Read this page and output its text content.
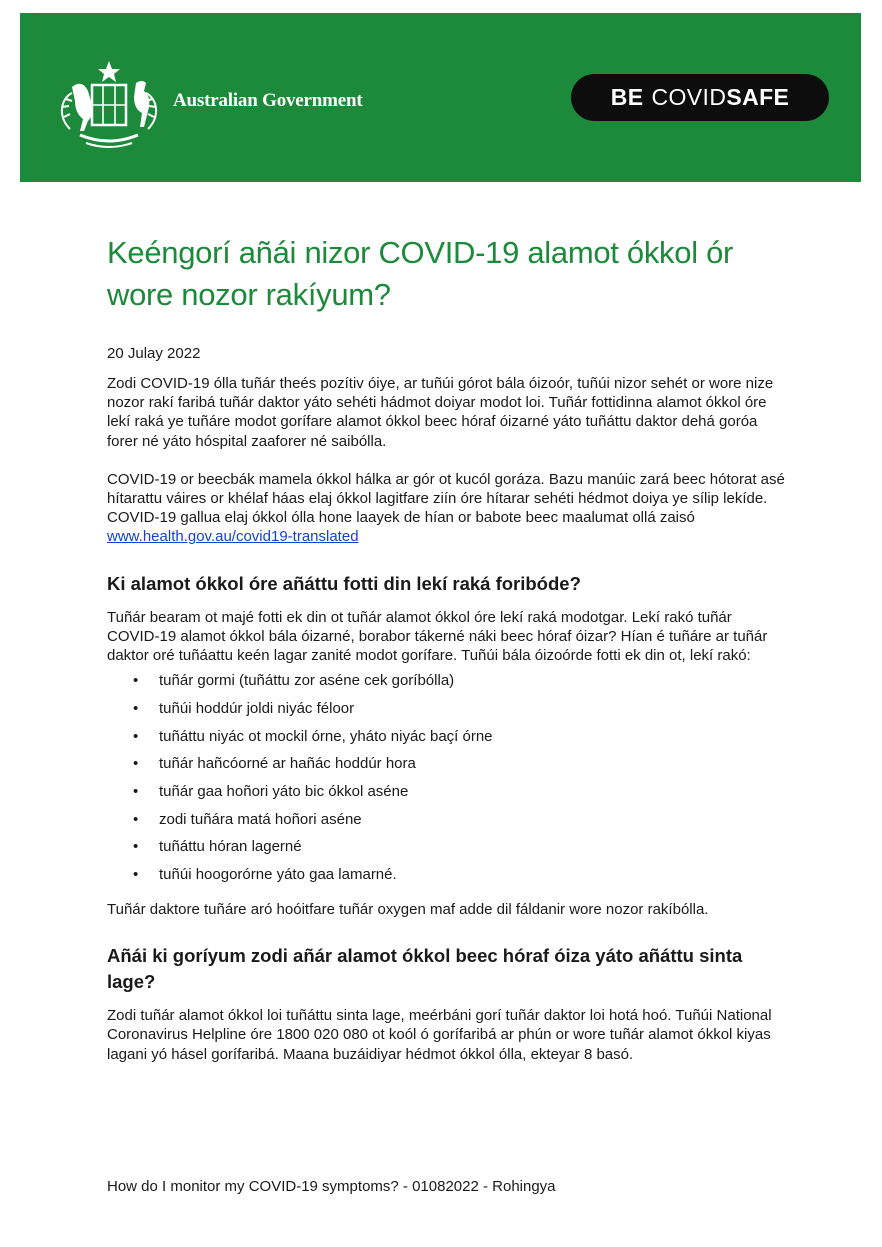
Australian Government	BE COVID SAFE
Keéngorí añái nizor COVID-19 alamot ókkol ór wore nozor rakíyum?
20 Julay 2022

Zodi COVID-19 ólla tuñár theés pozítiv óiye, ar tuñúi górot bála óizoór, tuñúi nizor sehét or wore nize nozor rakí faribá tuñár daktor yáto sehéti hádmot doiyar modot loi. Tuñár fottidinna alamot ókkol óre lekí raká ye tuñáre modot gorífare alamot ókkol beec hóraf óizarné yáto tuñáttu daktor dehá goróa forer né yáto hóspital zaaforer né saibólla.

COVID-19 or beecbák mamela ókkol hálka ar gór ot kucól goráza. Bazu manúic zará beec hótorat asé hítarattu váires or khélaf háas elaj ókkol lagitfare ziín óre hítarar sehéti hédmot doiya ye sílip lekíde. COVID-19 gallua elaj ókkol ólla hone laayek de hían or babote beec maalumat ollá zaisó www.health.gov.au/covid19-translated

Ki alamot ókkol óre añáttu fotti din lekí raká foribóde?

Tuñár bearam ot majé fotti ek din ot tuñár alamot ókkol óre lekí raká modotgar. Lekí rakó tuñár COVID-19 alamot ókkol bála óizarné, borabor tákerné náki beec hóraf óizar? Hían é tuñáre ar tuñár daktor oré tuñáattu keén lagar zanité modot gorífare. Tuñúi bála óizoórde fotti ek din ot, lekí rakó:

• tuñár gormi (tuñáttu zor aséne cek goríbólla)
• tuñúi hoddúr joldi niyác féloor
• tuñáttu niyác ot mockil órne, yháto niyác baçí órne
• tuñár hañcóorné ar hañác hoddúr hora
• tuñár gaa hoñori yáto bic ókkol aséne
• zodi tuñára matá hoñori aséne
• tuñáttu hóran lagerné
• tuñúi hoogorórne yáto gaa lamarné.

Tuñár daktore tuñáre aró hoóitfare tuñár oxygen maf adde dil fáldanir wore nozor rakíbólla.

Añái ki goríyum zodi añár alamot ókkol beec hóraf óiza yáto añáttu sinta lage?

Zodi tuñár alamot ókkol loi tuñáttu sinta lage, meérbáni gorí tuñár daktor loi hotá hoó. Tuñúi National Coronavirus Helpline óre 1800 020 080 ot koól ó gorífaribá ar phún or wore tuñár alamot ókkol kiyas lagani yó hásel gorífaribá. Maana buzáidiyar hédmot ókkol ólla, ekteyar 8 basó.

How do I monitor my COVID-19 symptoms? - 01082022 - Rohingya
